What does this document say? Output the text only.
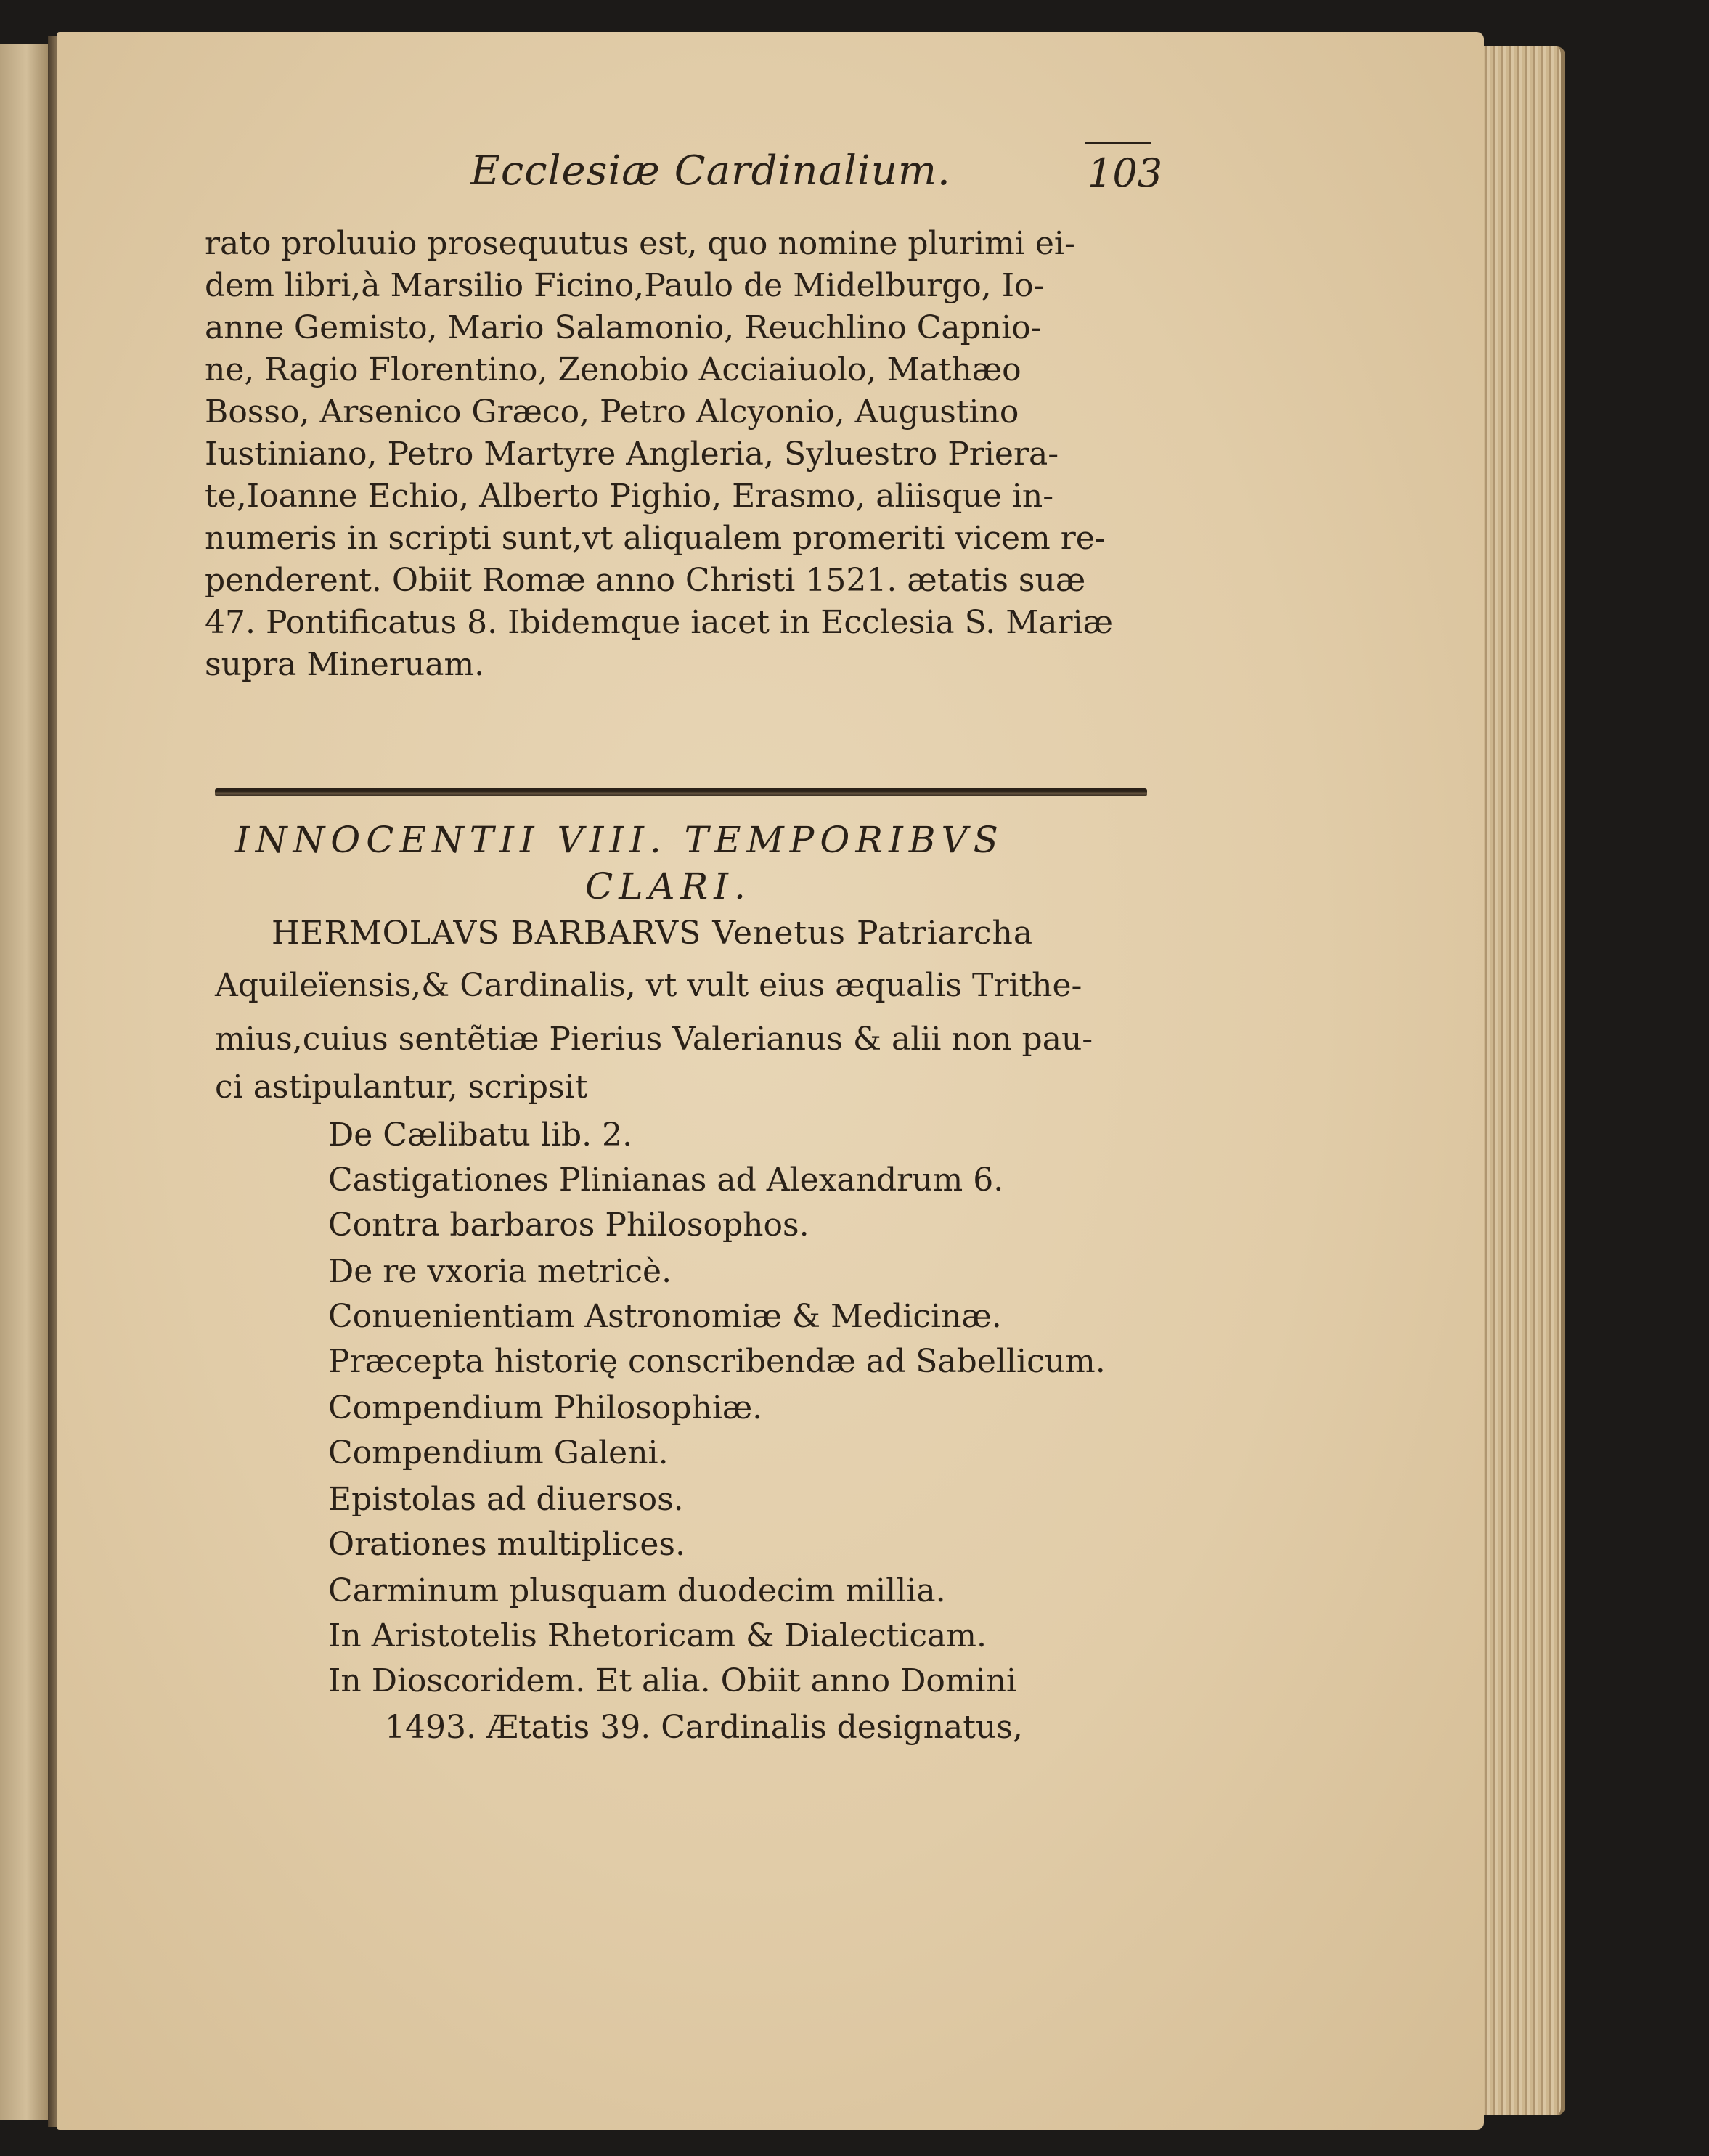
Ecclesiæ Cardinalium.	103
rato proluuio prosequutus est, quo nomine plurimi ei-
dem libri,à Marsilio Ficino,Paulo de Midelburgo, Io-
anne Gemisto, Mario Salamonio, Reuchlino Capnio-
ne, Ragio Florentino, Zenobio Acciaiuolo, Mathæo
Bosso, Arsenico Græco, Petro Alcyonio, Augustino
Iustiniano, Petro Martyre Angleria, Syluestro Priera-
te,Ioanne Echio, Alberto Pighio, Erasmo, aliisque in-
numeris in scripti sunt,vt aliqualem promeriti vicem re-
penderent. Obiit Romæ anno Christi 1521. ætatis suæ
47. Pontificatus 8. Ibidemque iacet in Ecclesia S. Mariæ
supra Mineruam.
INNOCENTII VIII. TEMPORIBVS
CLARI.
HERMOLAVS BARBARVS Venetus Patriarcha
Aquileïensis,& Cardinalis, vt vult eius æqualis Trithe-
mius,cuius sentẽtiæ Pierius Valerianus & alii non pau-
ci astipulantur, scripsit
De Cælibatu lib. 2.
Castigationes Plinianas ad Alexandrum 6.
Contra barbaros Philosophos.
De re vxoria metricè.
Conuenientiam Astronomiæ & Medicinæ.
Præcepta historię conscribendæ ad Sabellicum.
Compendium Philosophiæ.
Compendium Galeni.
Epistolas ad diuersos.
Orationes multiplices.
Carminum plusquam duodecim millia.
In Aristotelis Rhetoricam & Dialecticam.
In Dioscoridem. Et alia. Obiit anno Domini
1493. Ætatis 39. Cardinalis designatus,
